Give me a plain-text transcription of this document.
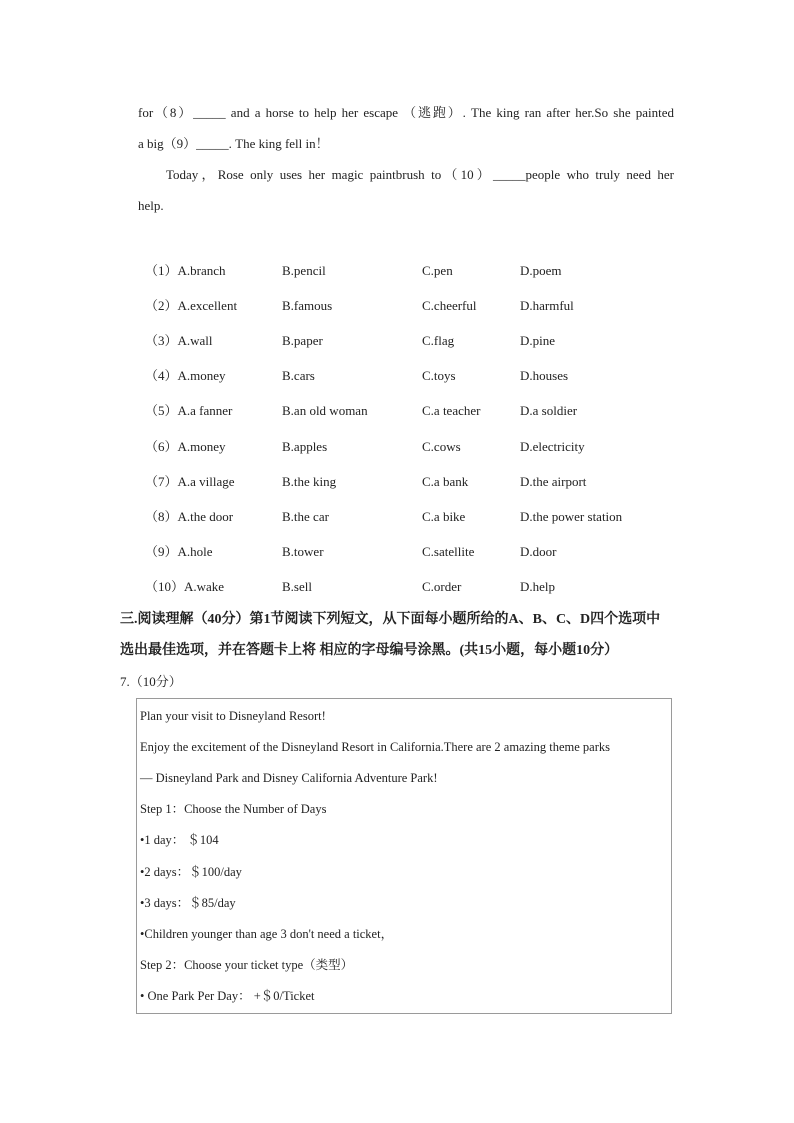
for（8）_____ and a horse to help her escape （逃跑）. The king ran after her.So she painted
a big（9）_____. The king fell in！
Today，Rose only uses her magic paintbrush to（10）_____people who truly need her
help.
（1）A.branch	B.pencil	C.pen	D.poem
（2）A.excellent	B.famous	C.cheerful	D.harmful
（3）A.wall	B.paper	C.flag	D.pine
（4）A.money	B.cars	C.toys	D.houses
（5）A.a fanner	B.an old woman	C.a teacher	D.a soldier
（6）A.money	B.apples	C.cows	D.electricity
（7）A.a village	B.the king	C.a bank	D.the airport
（8）A.the door	B.the car	C.a bike	D.the power station
（9）A.hole	B.tower	C.satellite	D.door
（10）A.wake	B.sell	C.order	D.help
三.阅读理解（40分）第1节阅读下列短文，从下面每小题所给的A、B、C、D四个选项中
选出最佳选项，并在答题卡上将 相应的字母编号涂黑。(共15小题，每小题10分）
7.（10分）
Plan your visit to Disneyland Resort!
Enjoy the excitement of the Disneyland Resort in California.There are 2 amazing theme parks
— Disneyland Park and Disney California Adventure Park!
Step 1：Choose the Number of Days
•1 day： ＄104
•2 days：＄100/day
•3 days：＄85/day
•Children younger than age 3 don't need a ticket，
Step 2：Choose your ticket type（类型）
• One Park Per Day： +＄0/Ticket
